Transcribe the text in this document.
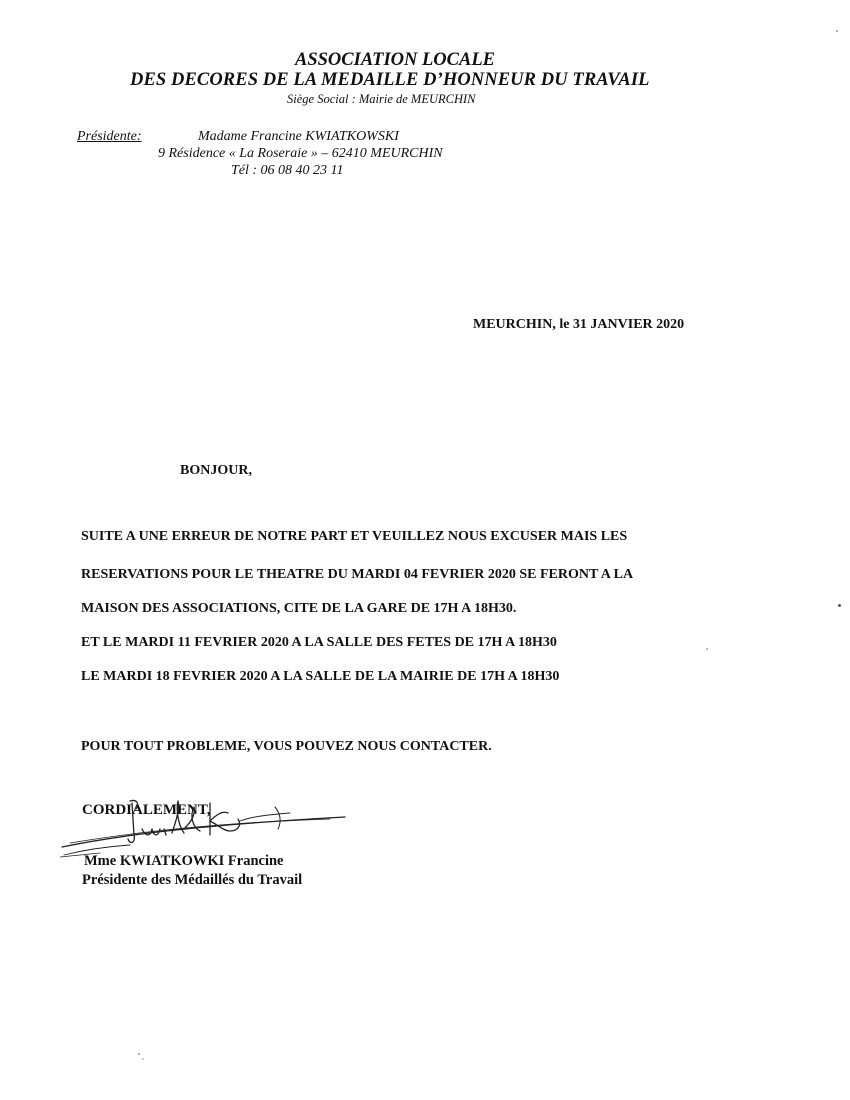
ASSOCIATION LOCALE
DES DECORES DE LA MEDAILLE D’HONNEUR DU TRAVAIL
Siège Social : Mairie de MEURCHIN
Présidente:	Madame Francine KWIATKOWSKI
9 Résidence « La Roseraie » – 62410 MEURCHIN
Tél : 06 08 40 23 11
MEURCHIN, le 31 JANVIER 2020
BONJOUR,
SUITE A UNE ERREUR DE NOTRE PART ET VEUILLEZ NOUS EXCUSER MAIS LES
RESERVATIONS POUR LE THEATRE DU MARDI 04 FEVRIER 2020 SE FERONT A LA
MAISON DES ASSOCIATIONS, CITE DE LA GARE DE 17H A 18H30.
ET LE MARDI 11 FEVRIER 2020 A LA SALLE DES FETES DE 17H A 18H30
LE MARDI 18 FEVRIER 2020 A LA SALLE DE LA MAIRIE DE 17H A 18H30
POUR TOUT PROBLEME, VOUS POUVEZ NOUS CONTACTER.
CORDIALEMENT,
Mme KWIATKOWKI Francine
Présidente des Médaillés du Travail
